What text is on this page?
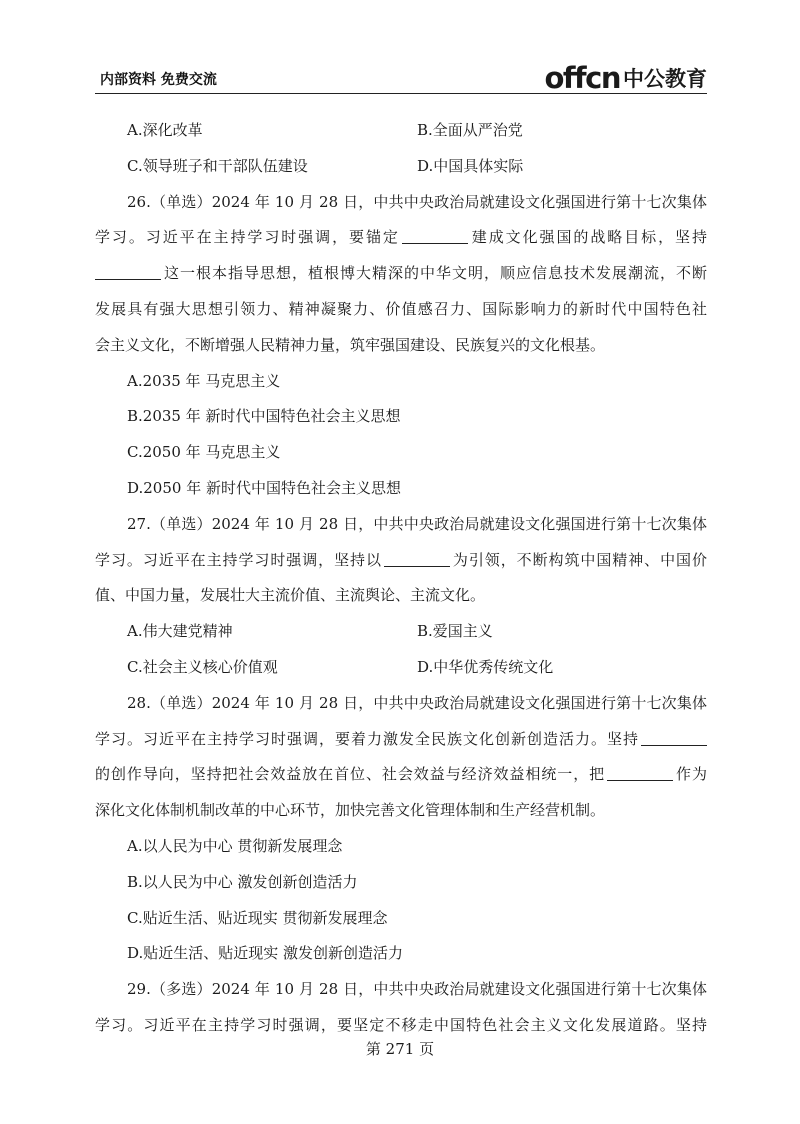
内部资料 免费交流	offcn 中公教育
A.深化改革	B.全面从严治党
C.领导班子和干部队伍建设	D.中国具体实际
26.（单选）2024 年 10 月 28 日，中共中央政治局就建设文化强国进行第十七次集体
学习。习近平在主持学习时强调，要锚定	建成文化强国的战略目标，坚持
这一根本指导思想，植根博大精深的中华文明，顺应信息技术发展潮流，不断
发展具有强大思想引领力、精神凝聚力、价值感召力、国际影响力的新时代中国特色社
会主义文化，不断增强人民精神力量，筑牢强国建设、民族复兴的文化根基。
A.2035 年 马克思主义
B.2035 年 新时代中国特色社会主义思想
C.2050 年 马克思主义
D.2050 年 新时代中国特色社会主义思想
27.（单选）2024 年 10 月 28 日，中共中央政治局就建设文化强国进行第十七次集体
学习。习近平在主持学习时强调，坚持以	为引领，不断构筑中国精神、中国价
值、中国力量，发展壮大主流价值、主流舆论、主流文化。
A.伟大建党精神	B.爱国主义
C.社会主义核心价值观	D.中华优秀传统文化
28.（单选）2024 年 10 月 28 日，中共中央政治局就建设文化强国进行第十七次集体
学习。习近平在主持学习时强调，要着力激发全民族文化创新创造活力。坚持
的创作导向，坚持把社会效益放在首位、社会效益与经济效益相统一，把	作为
深化文化体制机制改革的中心环节，加快完善文化管理体制和生产经营机制。
A.以人民为中心 贯彻新发展理念
B.以人民为中心 激发创新创造活力
C.贴近生活、贴近现实 贯彻新发展理念
D.贴近生活、贴近现实 激发创新创造活力
29.（多选）2024 年 10 月 28 日，中共中央政治局就建设文化强国进行第十七次集体
学习。习近平在主持学习时强调，要坚定不移走中国特色社会主义文化发展道路。坚持
第 271 页
